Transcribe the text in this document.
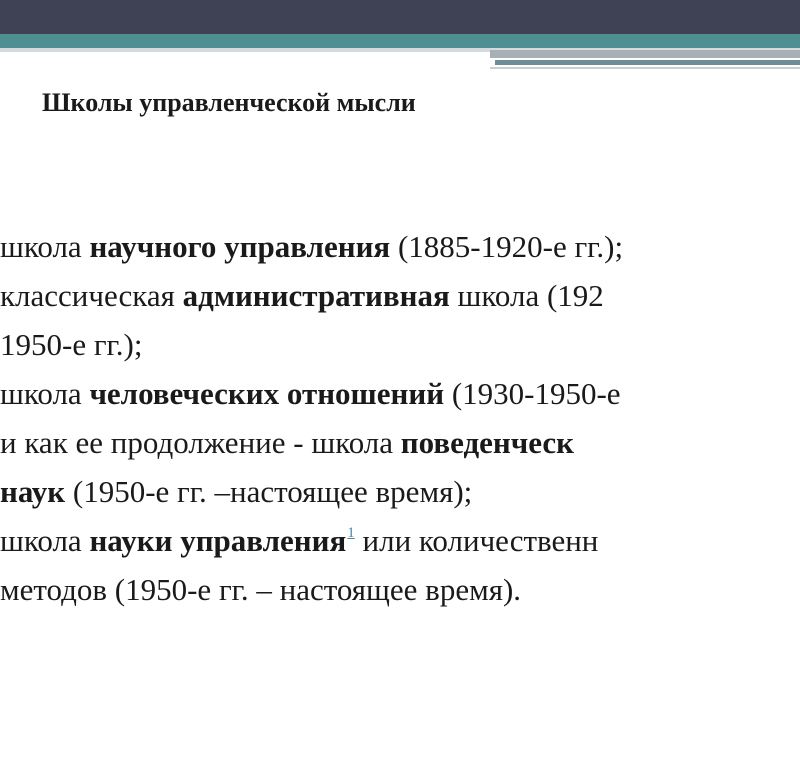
Школы управленческой мысли
школа научного управления (1885-1920-е гг.);
классическая административная школа (192
1950-е гг.);
школа человеческих отношений (1930-1950-е
и как ее продолжение - школа поведенческ
наук (1950-е гг. –настоящее время);
школа науки управления$^1$ или количественн
методов (1950-е гг. – настоящее время).
